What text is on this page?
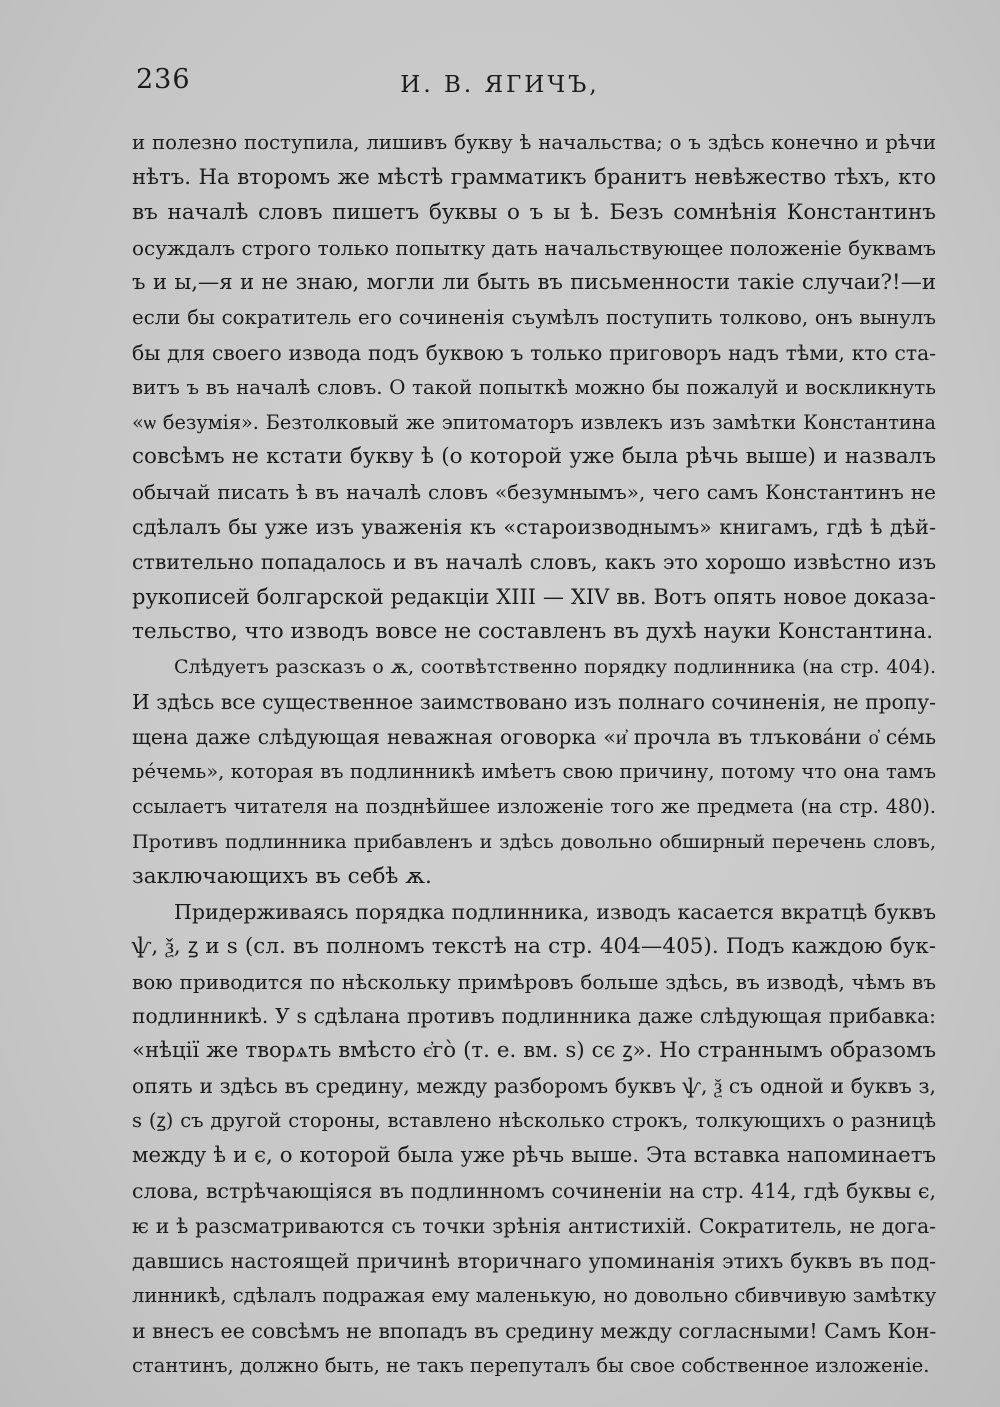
236	И. В. ЯГИЧЪ,
и полезно поступила, лишивъ букву ѣ начальства; о ъ здѣсь конечно и рѣчи
нѣтъ. На второмъ же мѣстѣ грамматикъ бранитъ невѣжество тѣхъ, кто
въ началѣ словъ пишетъ буквы о ъ ы ѣ. Безъ сомнѣнія Константинъ
осуждалъ строго только попытку дать начальствующее положеніе буквамъ
ъ и ы,—я и не знаю, могли ли быть въ письменности такіе случаи?!—и
если бы сократитель его сочиненія съумѣлъ поступить толково, онъ вынулъ
бы для своего извода подъ буквою ъ только приговоръ надъ тѣми, кто ста-
витъ ъ въ началѣ словъ. О такой попыткѣ можно бы пожалуй и воскликнуть
«ѡ безумія». Безтолковый же эпитоматоръ извлекъ изъ замѣтки Константина
совсѣмъ не кстати букву ѣ (о которой уже была рѣчь выше) и назвалъ
обычай писать ѣ въ началѣ словъ «безумнымъ», чего самъ Константинъ не
сдѣлалъ бы уже изъ уваженія къ «староизводнымъ» книгамъ, гдѣ ѣ дѣй-
ствительно попадалось и въ началѣ словъ, какъ это хорошо извѣстно изъ
рукописей болгарской редакціи XIII — XIV вв. Вотъ опять новое доказа-
тельство, что изводъ вовсе не составленъ въ духѣ науки Константина.
Слѣдуетъ разсказъ о ѫ, соотвѣтственно порядку подлинника (на стр. 404).
И здѣсь все существенное заимствовано изъ полнаго сочиненія, не пропу-
щена даже слѣдующая неважная оговорка «и҆ прочла въ тлъкова́ни о҆ се́мь
ре́чемь», которая въ подлинникѣ имѣетъ свою причину, потому что она тамъ
ссылаетъ читателя на позднѣйшее изложеніе того же предмета (на стр. 480).
Противъ подлинника прибавленъ и здѣсь довольно обширный перечень словъ,
заключающихъ въ себѣ ѫ.
Придерживаясь порядка подлинника, изводъ касается вкратцѣ буквъ
ѱ, ѯ, ꙁ и ѕ (сл. въ полномъ текстѣ на стр. 404—405). Подъ каждою бук-
вою приводится по нѣскольку примѣровъ больше здѣсь, въ изводѣ, чѣмъ въ
подлинникѣ. У ѕ сдѣлана противъ подлинника даже слѣдующая прибавка:
«нѣції же творѧть вмѣсто є҆го̀ (т. е. вм. ѕ) сє ꙁ». Но страннымъ образомъ
опять и здѣсь въ средину, между разборомъ буквъ ѱ, ѯ съ одной и буквъ з,
ѕ (ꙁ) съ другой стороны, вставлено нѣсколько строкъ, толкующихъ о разницѣ
между ѣ и є, о которой была уже рѣчь выше. Эта вставка напоминаетъ
слова, встрѣчающіяся въ подлинномъ сочиненіи на стр. 414, гдѣ буквы є,
ѥ и ѣ разсматриваются съ точки зрѣнія антистихій. Сократитель, не дога-
давшись настоящей причинѣ вторичнаго упоминанія этихъ буквъ въ под-
линникѣ, сдѣлалъ подражая ему маленькую, но довольно сбивчивую замѣтку
и внесъ ее совсѣмъ не впопадъ въ средину между согласными! Самъ Кон-
стантинъ, должно быть, не такъ перепуталъ бы свое собственное изложеніе.
